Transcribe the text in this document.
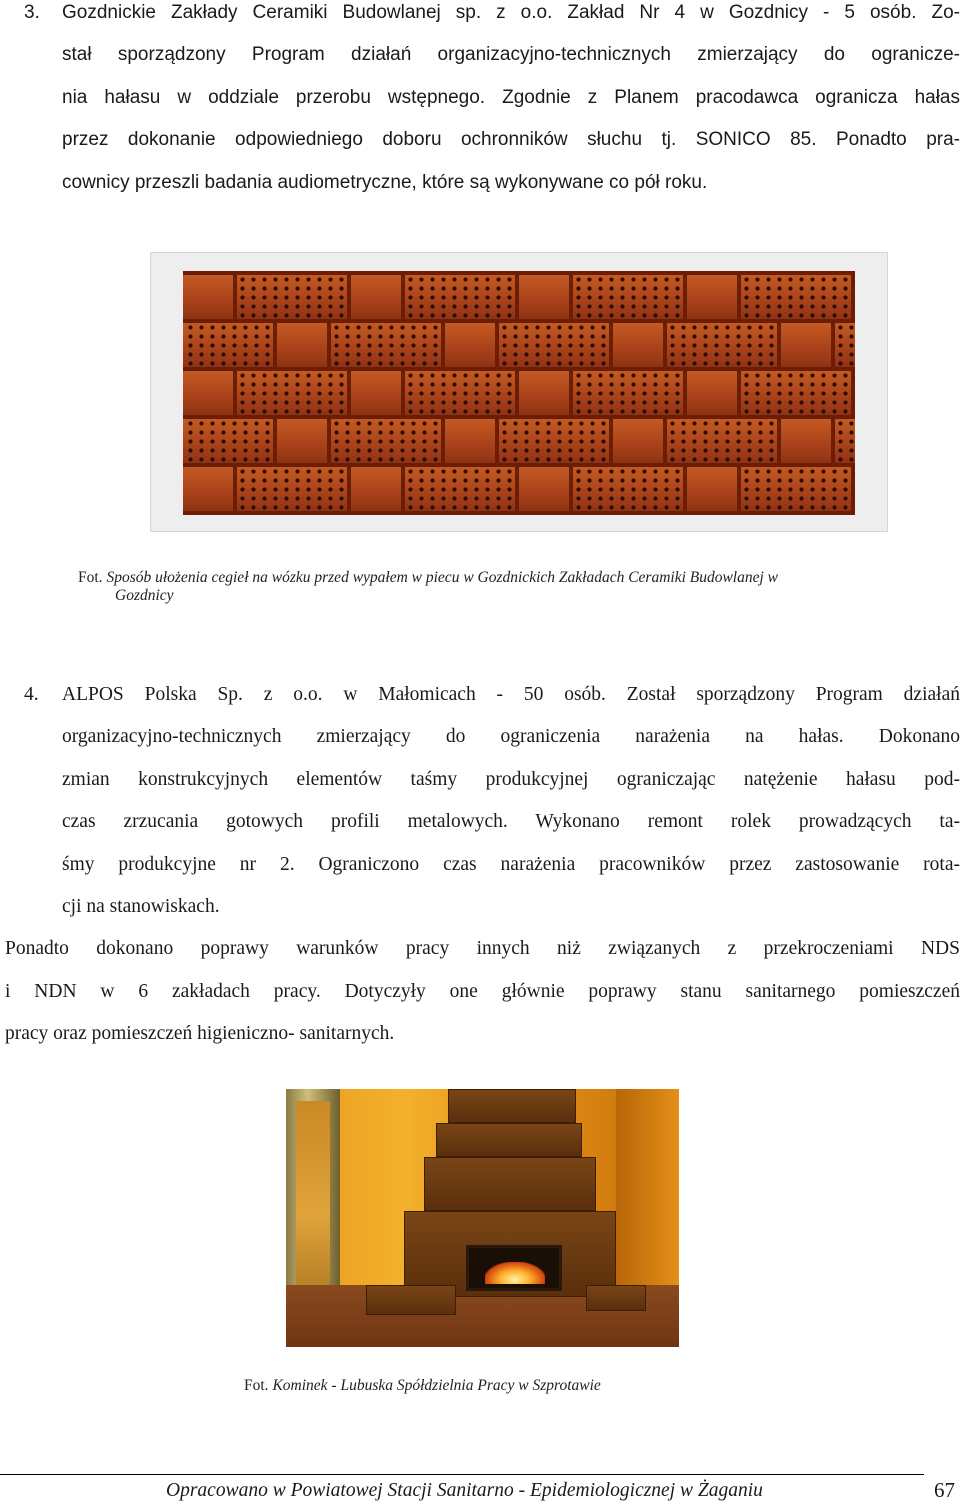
3. Gozdnickie Zakłady Ceramiki Budowlanej sp. z o.o. Zakład Nr 4 w Gozdnicy - 5 osób. Zo-
stał sporządzony Program działań organizacyjno-technicznych zmierzający do ogranicze-
nia hałasu w oddziale przerobu wstępnego. Zgodnie z Planem pracodawca ogranicza hałas
przez dokonanie odpowiedniego doboru ochronników słuchu tj. SONICO 85. Ponadto pra-
cownicy przeszli badania audiometryczne, które są wykonywane co pół roku.
Fot. Sposób ułożenia cegieł na wózku przed wypałem w piecu w Gozdnickich Zakładach Ceramiki Budowlanej w
Gozdnicy
4. ALPOS Polska Sp. z o.o. w Małomicach - 50 osób. Został sporządzony Program działań
organizacyjno-technicznych zmierzający do ograniczenia narażenia na hałas. Dokonano
zmian konstrukcyjnych elementów taśmy produkcyjnej ograniczając natężenie hałasu pod-
czas zrzucania gotowych profili metalowych. Wykonano remont rolek prowadzących ta-
śmy produkcyjne nr 2. Ograniczono czas narażenia pracowników przez zastosowanie rota-
cji na stanowiskach.
Ponadto dokonano poprawy warunków pracy innych niż związanych z przekroczeniami NDS
i NDN w 6 zakładach pracy. Dotyczyły one głównie poprawy stanu sanitarnego pomieszczeń
pracy oraz pomieszczeń higieniczno- sanitarnych.
Fot. Kominek - Lubuska Spółdzielnia Pracy w Szprotawie
Opracowano w Powiatowej Stacji Sanitarno - Epidemiologicznej w Żaganiu	67
